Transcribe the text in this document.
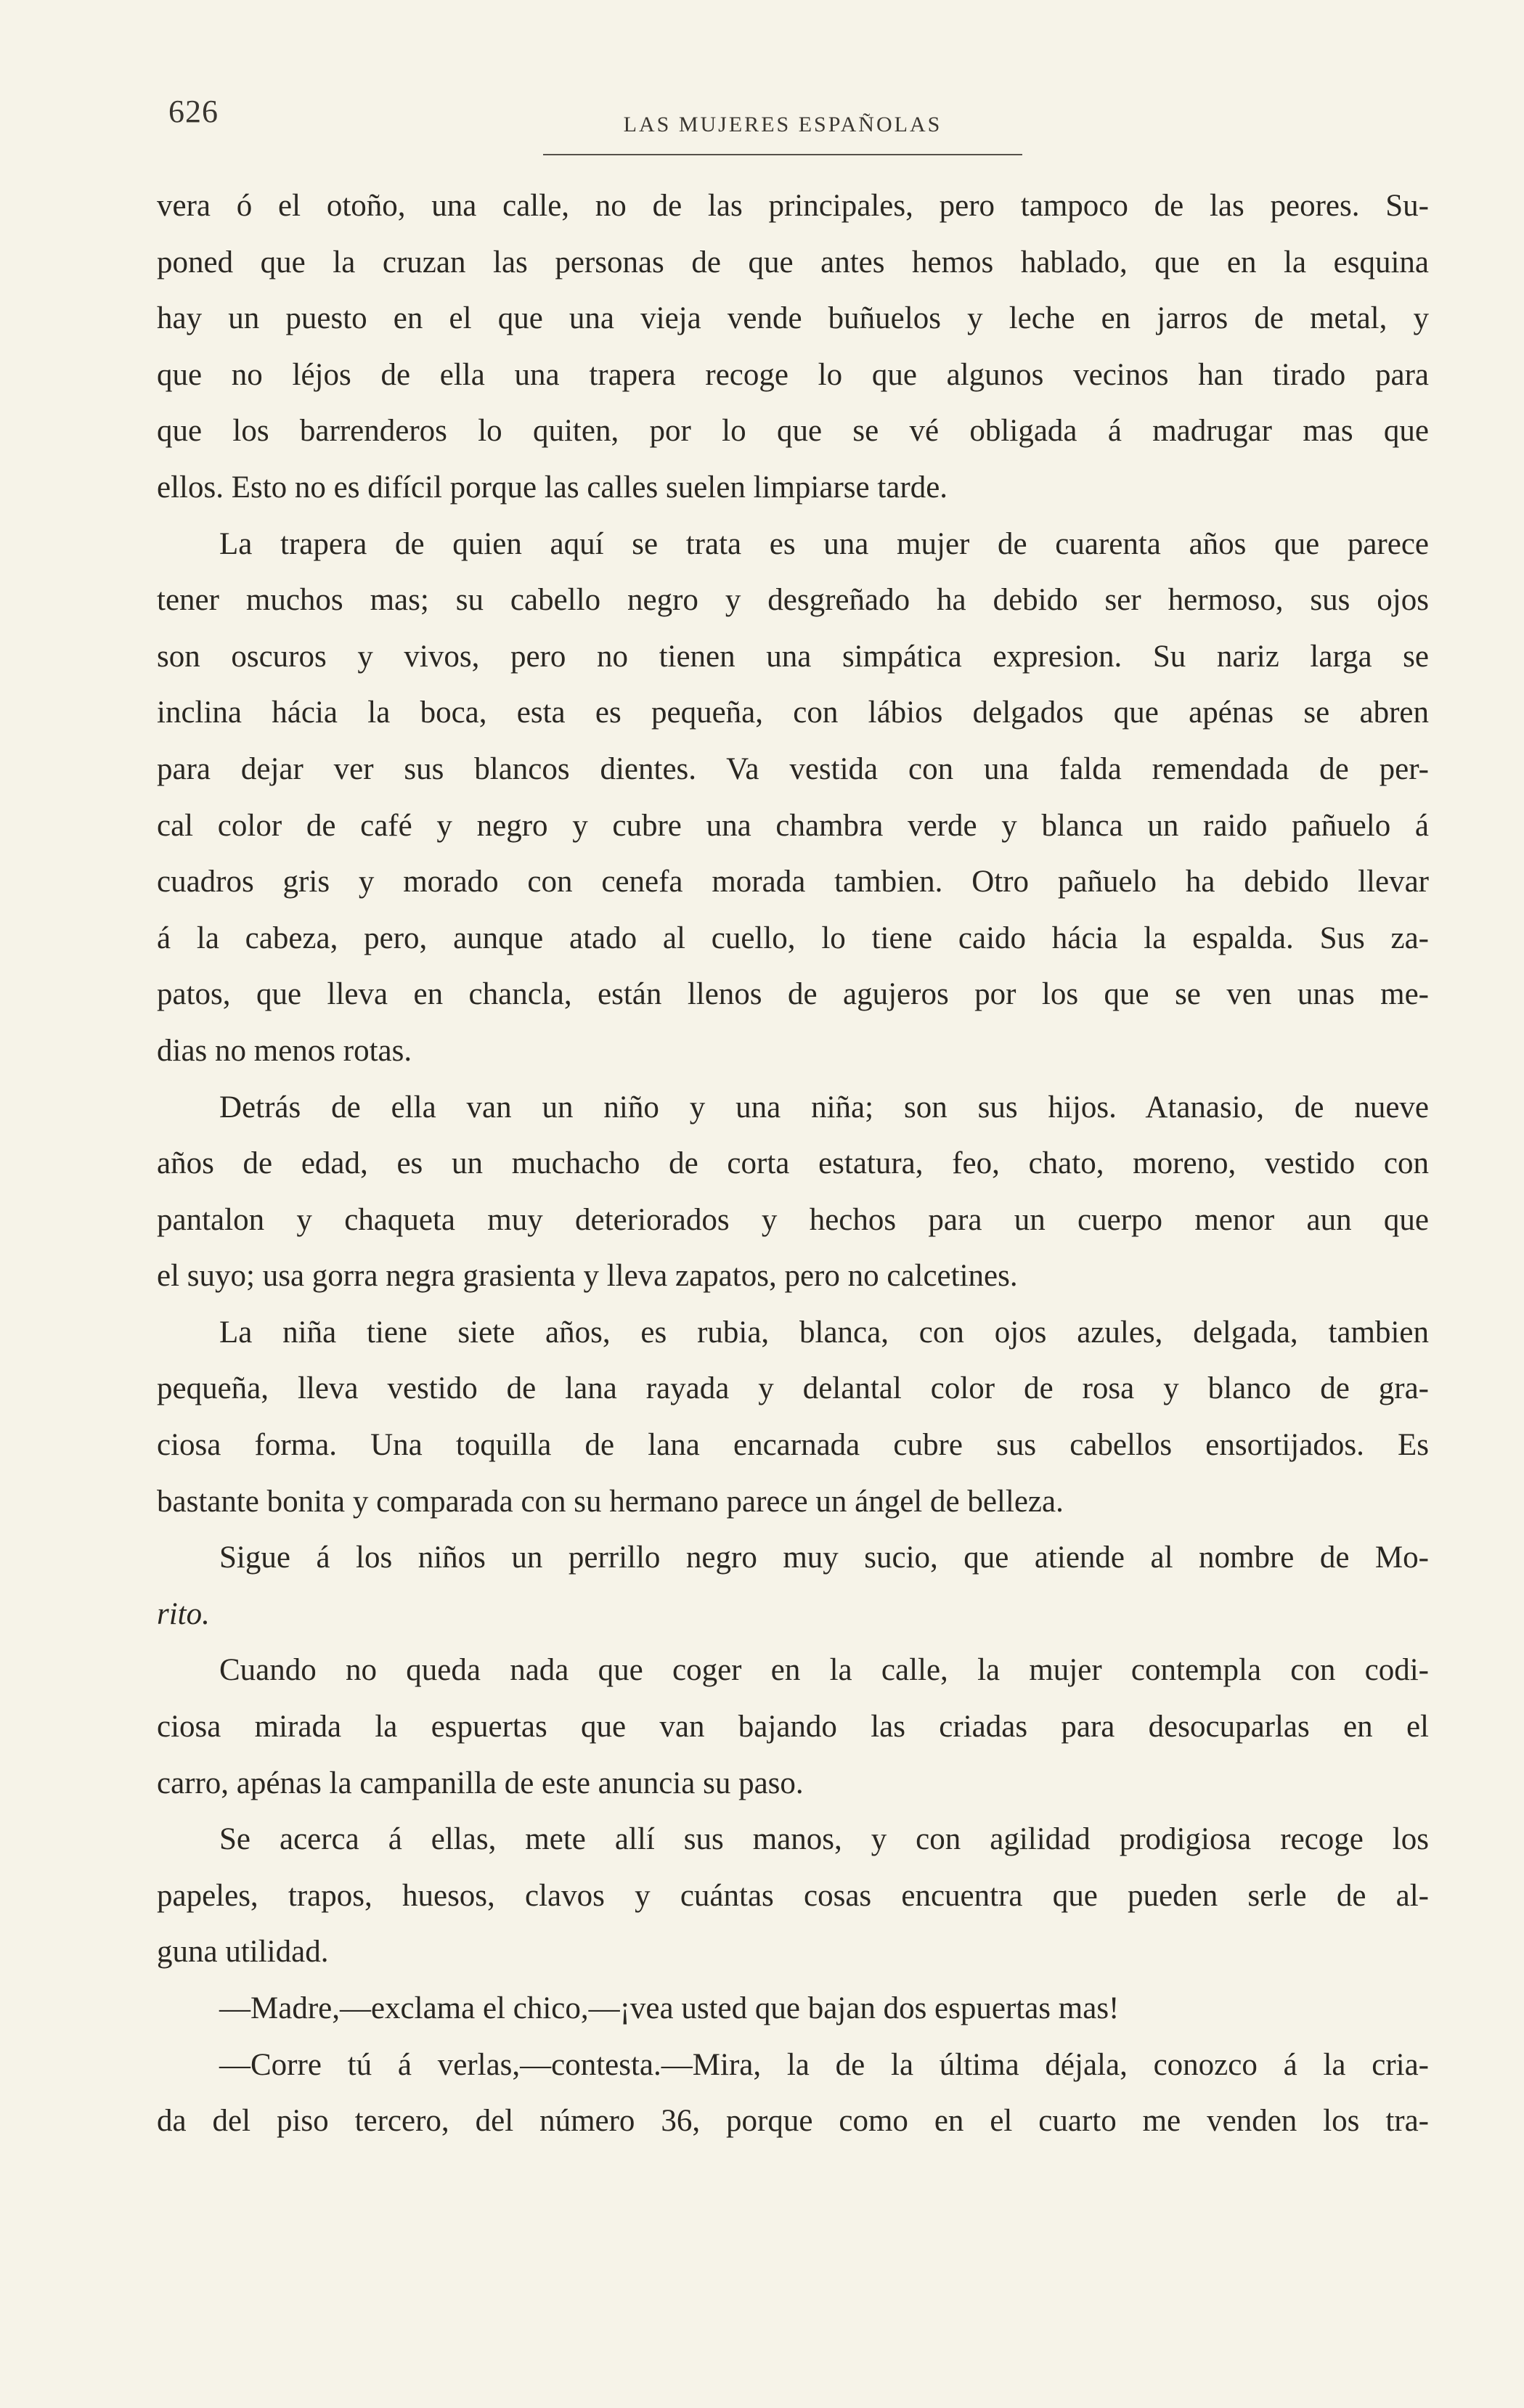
626	LAS MUJERES ESPAÑOLAS
vera ó el otoño, una calle, no de las principales, pero tampoco de las peores. Su-
poned que la cruzan las personas de que antes hemos hablado, que en la esquina
hay un puesto en el que una vieja vende buñuelos y leche en jarros de metal, y
que no léjos de ella una trapera recoge lo que algunos vecinos han tirado para
que los barrenderos lo quiten, por lo que se vé obligada á madrugar mas que
ellos. Esto no es difícil porque las calles suelen limpiarse tarde.
La trapera de quien aquí se trata es una mujer de cuarenta años que parece
tener muchos mas; su cabello negro y desgreñado ha debido ser hermoso, sus ojos
son oscuros y vivos, pero no tienen una simpática expresion. Su nariz larga se
inclina hácia la boca, esta es pequeña, con lábios delgados que apénas se abren
para dejar ver sus blancos dientes. Va vestida con una falda remendada de per-
cal color de café y negro y cubre una chambra verde y blanca un raido pañuelo á
cuadros gris y morado con cenefa morada tambien. Otro pañuelo ha debido llevar
á la cabeza, pero, aunque atado al cuello, lo tiene caido hácia la espalda. Sus za-
patos, que lleva en chancla, están llenos de agujeros por los que se ven unas me-
dias no menos rotas.
Detrás de ella van un niño y una niña; son sus hijos. Atanasio, de nueve
años de edad, es un muchacho de corta estatura, feo, chato, moreno, vestido con
pantalon y chaqueta muy deteriorados y hechos para un cuerpo menor aun que
el suyo; usa gorra negra grasienta y lleva zapatos, pero no calcetines.
La niña tiene siete años, es rubia, blanca, con ojos azules, delgada, tambien
pequeña, lleva vestido de lana rayada y delantal color de rosa y blanco de gra-
ciosa forma. Una toquilla de lana encarnada cubre sus cabellos ensortijados. Es
bastante bonita y comparada con su hermano parece un ángel de belleza.
Sigue á los niños un perrillo negro muy sucio, que atiende al nombre de Mo-
rito.
Cuando no queda nada que coger en la calle, la mujer contempla con codi-
ciosa mirada la espuertas que van bajando las criadas para desocuparlas en el
carro, apénas la campanilla de este anuncia su paso.
Se acerca á ellas, mete allí sus manos, y con agilidad prodigiosa recoge los
papeles, trapos, huesos, clavos y cuántas cosas encuentra que pueden serle de al-
guna utilidad.
—Madre,—exclama el chico,—¡vea usted que bajan dos espuertas mas!
—Corre tú á verlas,—contesta.—Mira, la de la última déjala, conozco á la cria-
da del piso tercero, del número 36, porque como en el cuarto me venden los tra-
